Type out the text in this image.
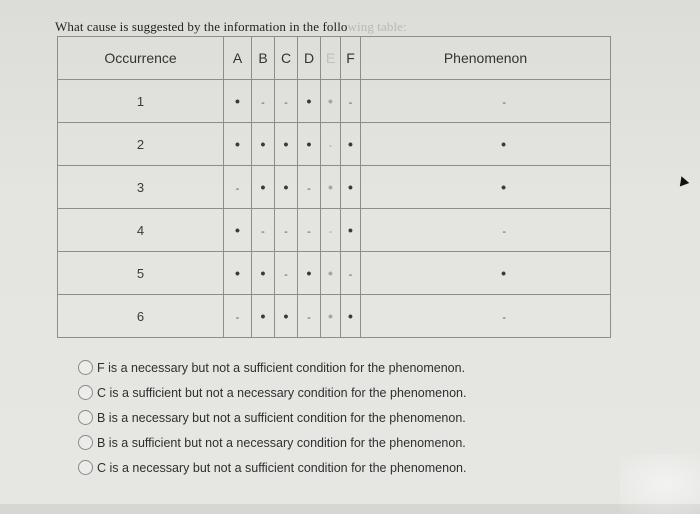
What cause is suggested by the information in the following table:
Occurrence	A	B	C	D	E	F	Phenomenon
1	•	-	-	•	•	-	-
2	•	•	•	•	-	•	•
3	-	•	•	-	•	•	•
4	•	-	-	-	-	•	-
5	•	•	-	•	•	-	•
6	-	•	•	-	•	•	-
F is a necessary but not a sufficient condition for the phenomenon.
C is a sufficient but not a necessary condition for the phenomenon.
B is a necessary but not a sufficient condition for the phenomenon.
B is a sufficient but not a necessary condition for the phenomenon.
C is a necessary but not a sufficient condition for the phenomenon.
